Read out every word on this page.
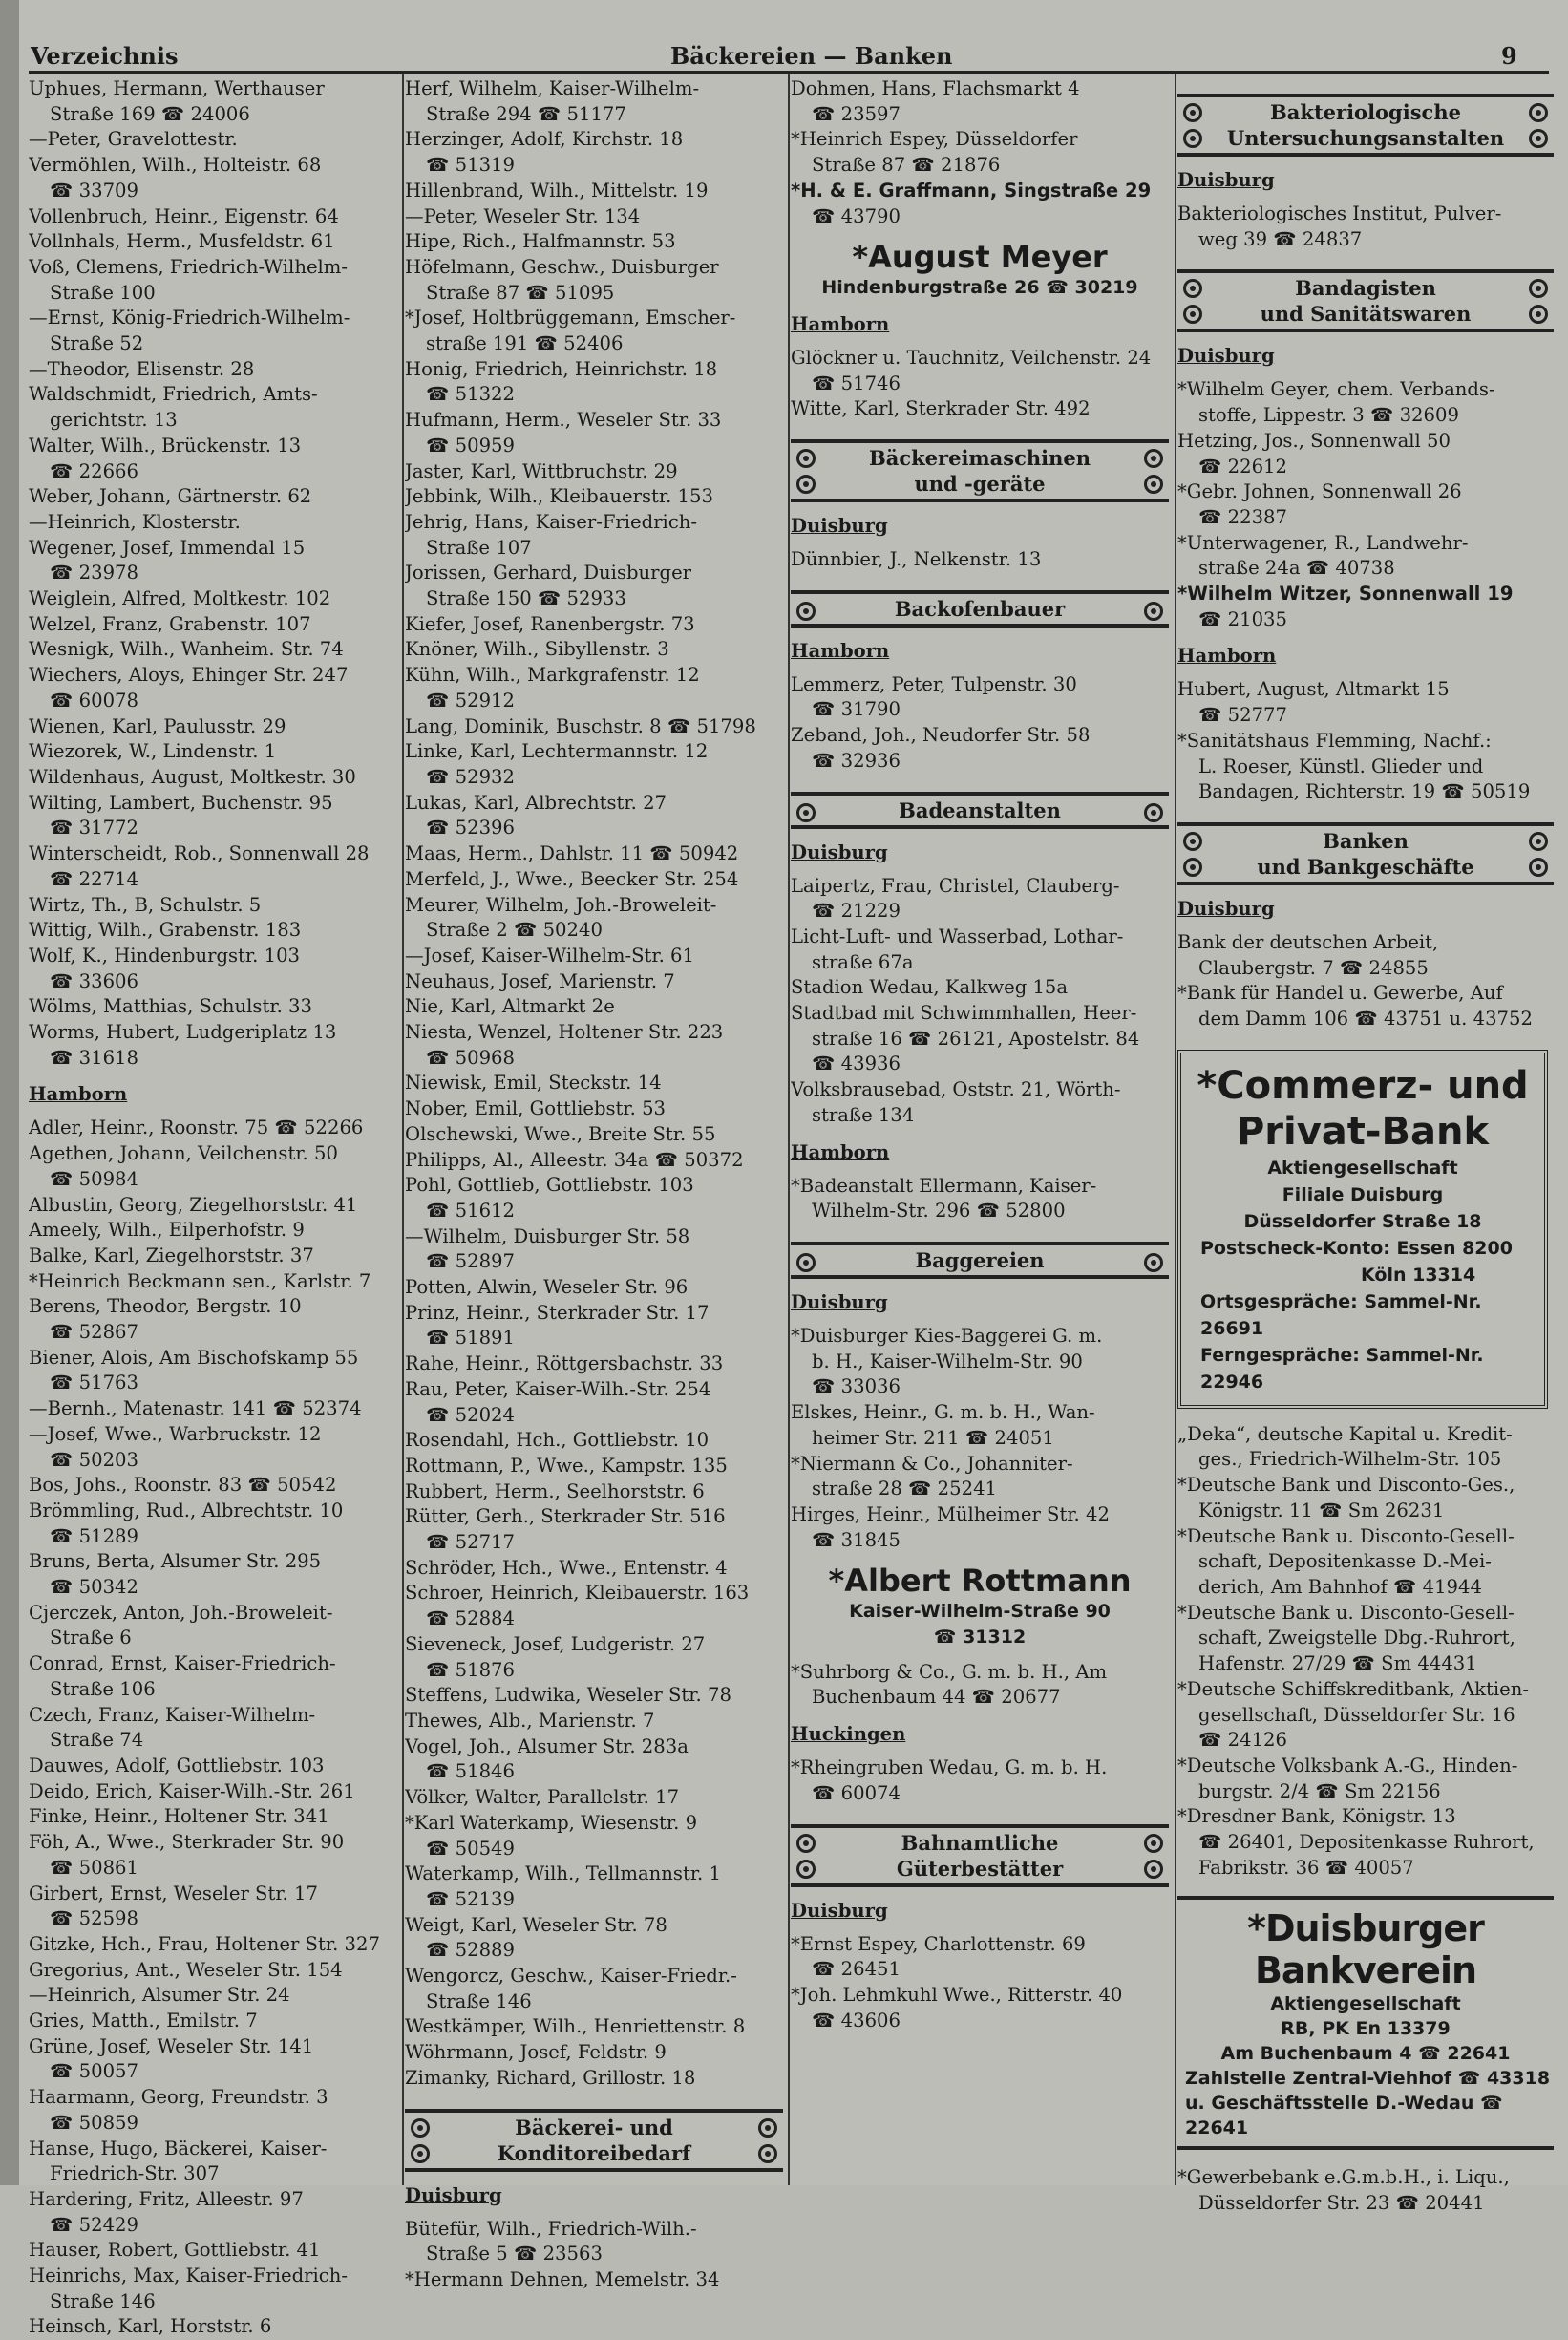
Verzeichnis	Bäckereien — Banken	9
Uphues, Hermann, Werthauser
Straße 169 ☎ 24006
—Peter, Gravelottestr.
Vermöhlen, Wilh., Holteistr. 68
☎ 33709
Vollenbruch, Heinr., Eigenstr. 64
Vollnhals, Herm., Musfeldstr. 61
Voß, Clemens, Friedrich-Wilhelm-
Straße 100
—Ernst, König-Friedrich-Wilhelm-
Straße 52
—Theodor, Elisenstr. 28
Waldschmidt, Friedrich, Amts-
gerichtstr. 13
Walter, Wilh., Brückenstr. 13
☎ 22666
Weber, Johann, Gärtnerstr. 62
—Heinrich, Klosterstr.
Wegener, Josef, Immendal 15
☎ 23978
Weiglein, Alfred, Moltkestr. 102
Welzel, Franz, Grabenstr. 107
Wesnigk, Wilh., Wanheim. Str. 74
Wiechers, Aloys, Ehinger Str. 247
☎ 60078
Wienen, Karl, Paulusstr. 29
Wiezorek, W., Lindenstr. 1
Wildenhaus, August, Moltkestr. 30
Wilting, Lambert, Buchenstr. 95
☎ 31772
Winterscheidt, Rob., Sonnenwall 28
☎ 22714
Wirtz, Th., B, Schulstr. 5
Wittig, Wilh., Grabenstr. 183
Wolf, K., Hindenburgstr. 103
☎ 33606
Wölms, Matthias, Schulstr. 33
Worms, Hubert, Ludgeriplatz 13
☎ 31618
Hamborn
Adler, Heinr., Roonstr. 75 ☎ 52266
Agethen, Johann, Veilchenstr. 50
☎ 50984
Albustin, Georg, Ziegelhorststr. 41
Ameely, Wilh., Eilperhofstr. 9
Balke, Karl, Ziegelhorststr. 37
*Heinrich Beckmann sen., Karlstr. 7
Berens, Theodor, Bergstr. 10
☎ 52867
Biener, Alois, Am Bischofskamp 55
☎ 51763
—Bernh., Matenastr. 141 ☎ 52374
—Josef, Wwe., Warbruckstr. 12
☎ 50203
Bos, Johs., Roonstr. 83 ☎ 50542
Brömmling, Rud., Albrechtstr. 10
☎ 51289
Bruns, Berta, Alsumer Str. 295
☎ 50342
Cjerczek, Anton, Joh.-Broweleit-
Straße 6
Conrad, Ernst, Kaiser-Friedrich-
Straße 106
Czech, Franz, Kaiser-Wilhelm-
Straße 74
Dauwes, Adolf, Gottliebstr. 103
Deido, Erich, Kaiser-Wilh.-Str. 261
Finke, Heinr., Holtener Str. 341
Föh, A., Wwe., Sterkrader Str. 90
☎ 50861
Girbert, Ernst, Weseler Str. 17
☎ 52598
Gitzke, Hch., Frau, Holtener Str. 327
Gregorius, Ant., Weseler Str. 154
—Heinrich, Alsumer Str. 24
Gries, Matth., Emilstr. 7
Grüne, Josef, Weseler Str. 141
☎ 50057
Haarmann, Georg, Freundstr. 3
☎ 50859
Hanse, Hugo, Bäckerei, Kaiser-
Friedrich-Str. 307
Hardering, Fritz, Alleestr. 97
☎ 52429
Hauser, Robert, Gottliebstr. 41
Heinrichs, Max, Kaiser-Friedrich-
Straße 146
Heinsch, Karl, Horststr. 6
Herf, Wilhelm, Kaiser-Wilhelm-
Straße 294 ☎ 51177
Herzinger, Adolf, Kirchstr. 18
☎ 51319
Hillenbrand, Wilh., Mittelstr. 19
—Peter, Weseler Str. 134
Hipe, Rich., Halfmannstr. 53
Höfelmann, Geschw., Duisburger
Straße 87 ☎ 51095
*Josef, Holtbrüggemann, Emscher-
straße 191 ☎ 52406
Honig, Friedrich, Heinrichstr. 18
☎ 51322
Hufmann, Herm., Weseler Str. 33
☎ 50959
Jaster, Karl, Wittbruchstr. 29
Jebbink, Wilh., Kleibauerstr. 153
Jehrig, Hans, Kaiser-Friedrich-
Straße 107
Jorissen, Gerhard, Duisburger
Straße 150 ☎ 52933
Kiefer, Josef, Ranenbergstr. 73
Knöner, Wilh., Sibyllenstr. 3
Kühn, Wilh., Markgrafenstr. 12
☎ 52912
Lang, Dominik, Buschstr. 8 ☎ 51798
Linke, Karl, Lechtermannstr. 12
☎ 52932
Lukas, Karl, Albrechtstr. 27
☎ 52396
Maas, Herm., Dahlstr. 11 ☎ 50942
Merfeld, J., Wwe., Beecker Str. 254
Meurer, Wilhelm, Joh.-Broweleit-
Straße 2 ☎ 50240
—Josef, Kaiser-Wilhelm-Str. 61
Neuhaus, Josef, Marienstr. 7
Nie, Karl, Altmarkt 2e
Niesta, Wenzel, Holtener Str. 223
☎ 50968
Niewisk, Emil, Steckstr. 14
Nober, Emil, Gottliebstr. 53
Olschewski, Wwe., Breite Str. 55
Philipps, Al., Alleestr. 34a ☎ 50372
Pohl, Gottlieb, Gottliebstr. 103
☎ 51612
—Wilhelm, Duisburger Str. 58
☎ 52897
Potten, Alwin, Weseler Str. 96
Prinz, Heinr., Sterkrader Str. 17
☎ 51891
Rahe, Heinr., Röttgersbachstr. 33
Rau, Peter, Kaiser-Wilh.-Str. 254
☎ 52024
Rosendahl, Hch., Gottliebstr. 10
Rottmann, P., Wwe., Kampstr. 135
Rubbert, Herm., Seelhorststr. 6
Rütter, Gerh., Sterkrader Str. 516
☎ 52717
Schröder, Hch., Wwe., Entenstr. 4
Schroer, Heinrich, Kleibauerstr. 163
☎ 52884
Sieveneck, Josef, Ludgeristr. 27
☎ 51876
Steffens, Ludwika, Weseler Str. 78
Thewes, Alb., Marienstr. 7
Vogel, Joh., Alsumer Str. 283a
☎ 51846
Völker, Walter, Parallelstr. 17
*Karl Waterkamp, Wiesenstr. 9
☎ 50549
Waterkamp, Wilh., Tellmannstr. 1
☎ 52139
Weigt, Karl, Weseler Str. 78
☎ 52889
Wengorcz, Geschw., Kaiser-Friedr.-
Straße 146
Westkämper, Wilh., Henriettenstr. 8
Wöhrmann, Josef, Feldstr. 9
Zimanky, Richard, Grillostr. 18
Bäckerei- und
Konditoreibedarf
Duisburg
Bütefür, Wilh., Friedrich-Wilh.-
Straße 5 ☎ 23563
*Hermann Dehnen, Memelstr. 34
Dohmen, Hans, Flachsmarkt 4
☎ 23597
*Heinrich Espey, Düsseldorfer
Straße 87 ☎ 21876
*H. & E. Graffmann, Singstraße 29
☎ 43790
*August Meyer
Hindenburgstraße 26 ☎ 30219
Hamborn
Glöckner u. Tauchnitz, Veilchenstr. 24
☎ 51746
Witte, Karl, Sterkrader Str. 492
Bäckereimaschinen
und -geräte
Duisburg
Dünnbier, J., Nelkenstr. 13
Backofenbauer
Hamborn
Lemmerz, Peter, Tulpenstr. 30
☎ 31790
Zeband, Joh., Neudorfer Str. 58
☎ 32936
Badeanstalten
Duisburg
Laipertz, Frau, Christel, Clauberg-
☎ 21229
Licht-Luft- und Wasserbad, Lothar-
straße 67a
Stadion Wedau, Kalkweg 15a
Stadtbad mit Schwimmhallen, Heer-
straße 16 ☎ 26121, Apostelstr. 84
☎ 43936
Volksbrausebad, Oststr. 21, Wörth-
straße 134
Hamborn
*Badeanstalt Ellermann, Kaiser-
Wilhelm-Str. 296 ☎ 52800
Baggereien
Duisburg
*Duisburger Kies-Baggerei G. m.
b. H., Kaiser-Wilhelm-Str. 90
☎ 33036
Elskes, Heinr., G. m. b. H., Wan-
heimer Str. 211 ☎ 24051
*Niermann & Co., Johanniter-
straße 28 ☎ 25241
Hirges, Heinr., Mülheimer Str. 42
☎ 31845
*Albert Rottmann
Kaiser-Wilhelm-Straße 90
☎ 31312
*Suhrborg & Co., G. m. b. H., Am
Buchenbaum 44 ☎ 20677
Huckingen
*Rheingruben Wedau, G. m. b. H.
☎ 60074
Bahnamtliche
Güterbestätter
Duisburg
*Ernst Espey, Charlottenstr. 69
☎ 26451
*Joh. Lehmkuhl Wwe., Ritterstr. 40
☎ 43606
Bakteriologische
Untersuchungsanstalten
Duisburg
Bakteriologisches Institut, Pulver-
weg 39 ☎ 24837
Bandagisten
und Sanitätswaren
Duisburg
*Wilhelm Geyer, chem. Verbands-
stoffe, Lippestr. 3 ☎ 32609
Hetzing, Jos., Sonnenwall 50
☎ 22612
*Gebr. Johnen, Sonnenwall 26
☎ 22387
*Unterwagener, R., Landwehr-
straße 24a ☎ 40738
*Wilhelm Witzer, Sonnenwall 19
☎ 21035
Hamborn
Hubert, August, Altmarkt 15
☎ 52777
*Sanitätshaus Flemming, Nachf.:
L. Roeser, Künstl. Glieder und
Bandagen, Richterstr. 19 ☎ 50519
Banken
und Bankgeschäfte
Duisburg
Bank der deutschen Arbeit,
Claubergstr. 7 ☎ 24855
*Bank für Handel u. Gewerbe, Auf
dem Damm 106 ☎ 43751 u. 43752
*Commerz- und
Privat-Bank
Aktiengesellschaft
Filiale Duisburg
Düsseldorfer Straße 18
Postscheck-Konto: Essen 8200
Köln 13314
Ortsgespräche: Sammel-Nr. 26691
Ferngespräche: Sammel-Nr. 22946
„Deka“, deutsche Kapital u. Kredit-
ges., Friedrich-Wilhelm-Str. 105
*Deutsche Bank und Disconto-Ges.,
Königstr. 11 ☎ Sm 26231
*Deutsche Bank u. Disconto-Gesell-
schaft, Depositenkasse D.-Mei-
derich, Am Bahnhof ☎ 41944
*Deutsche Bank u. Disconto-Gesell-
schaft, Zweigstelle Dbg.-Ruhrort,
Hafenstr. 27/29 ☎ Sm 44431
*Deutsche Schiffskreditbank, Aktien-
gesellschaft, Düsseldorfer Str. 16
☎ 24126
*Deutsche Volksbank A.-G., Hinden-
burgstr. 2/4 ☎ Sm 22156
*Dresdner Bank, Königstr. 13
☎ 26401, Depositenkasse Ruhrort,
Fabrikstr. 36 ☎ 40057
*Duisburger Bankverein
Aktiengesellschaft
RB, PK En 13379
Am Buchenbaum 4 ☎ 22641
Zahlstelle Zentral-Viehhof ☎ 43318
u. Geschäftsstelle D.-Wedau ☎ 22641
*Gewerbebank e.G.m.b.H., i. Liqu.,
Düsseldorfer Str. 23 ☎ 20441
